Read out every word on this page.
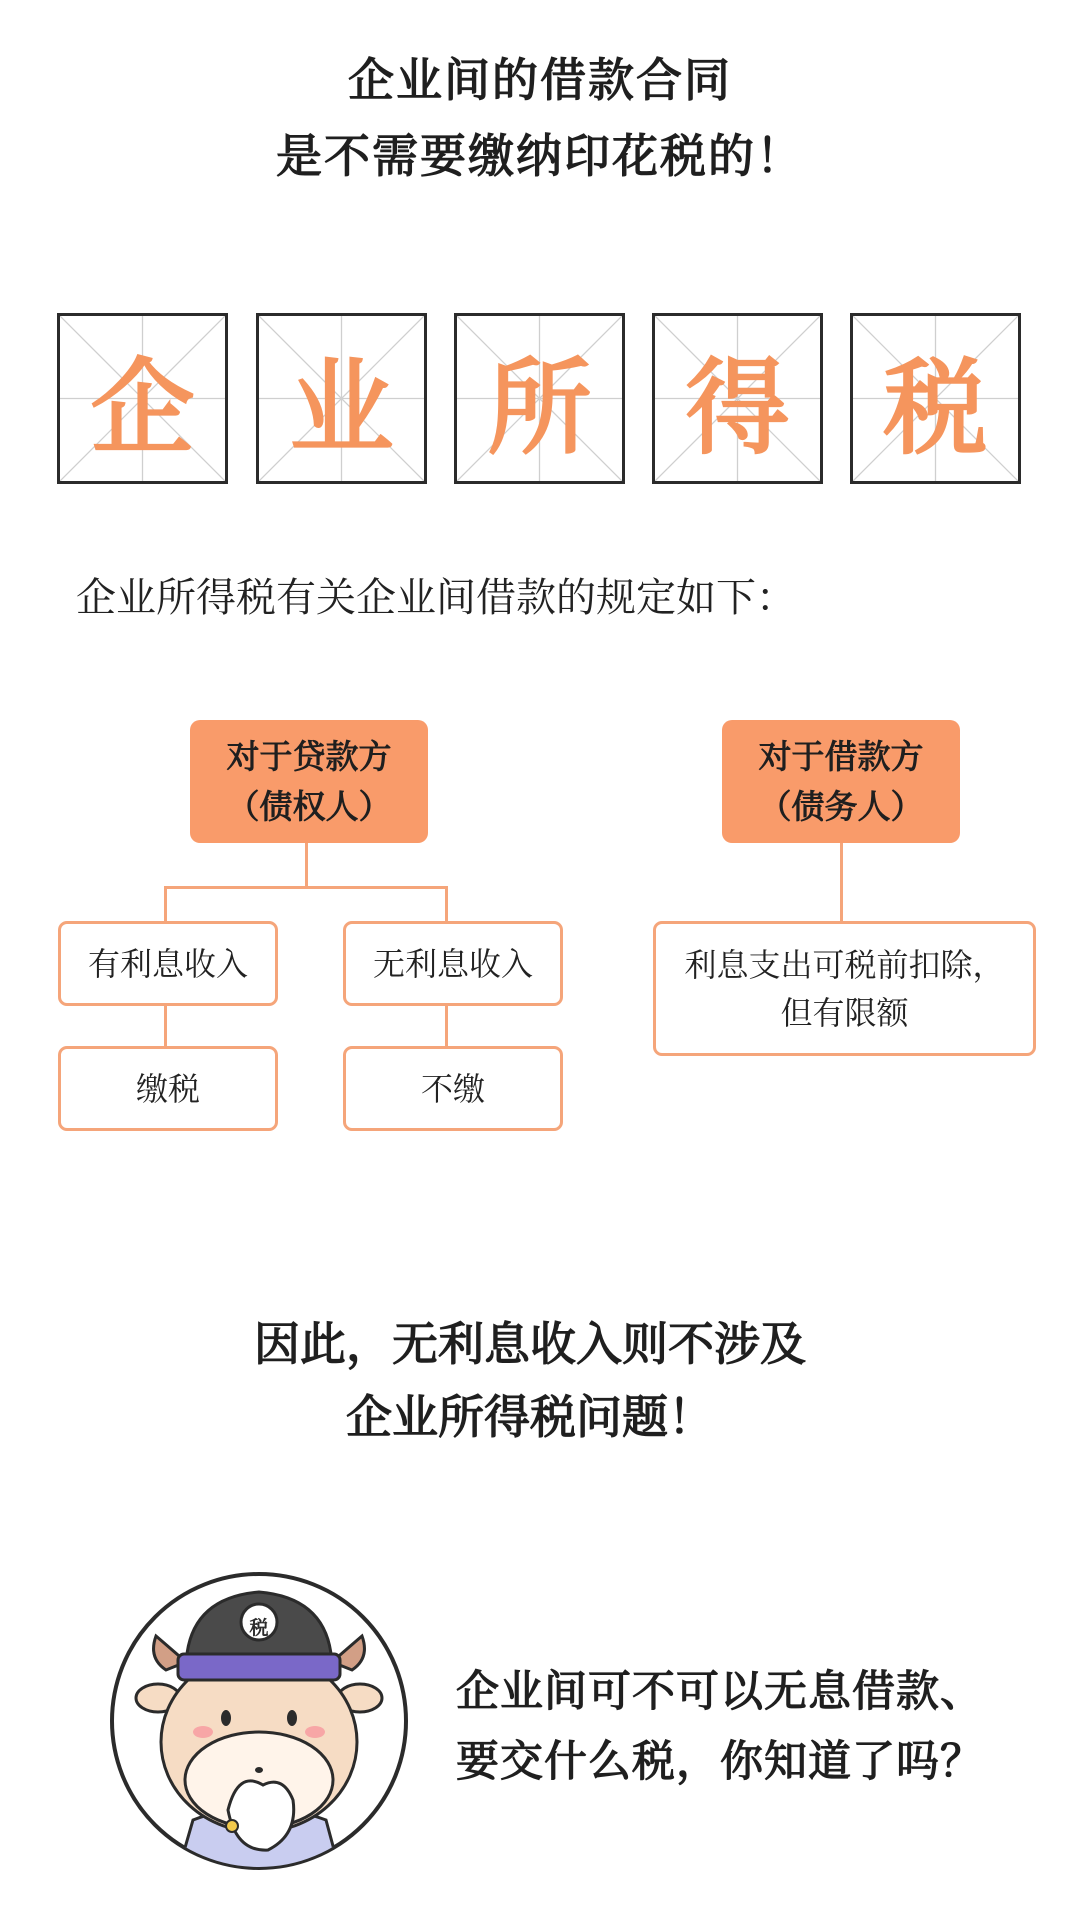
企业间的借款合同
是不需要缴纳印花税的！
企 业 所 得 税
企业所得税有关企业间借款的规定如下：
对于贷款方
（债权人）
有利息收入	无利息收入
缴税	不缴
对于借款方
（债务人）
利息支出可税前扣除，
但有限额
因此，无利息收入则不涉及
企业所得税问题！
税
企业间可不可以无息借款、
要交什么税，你知道了吗？
